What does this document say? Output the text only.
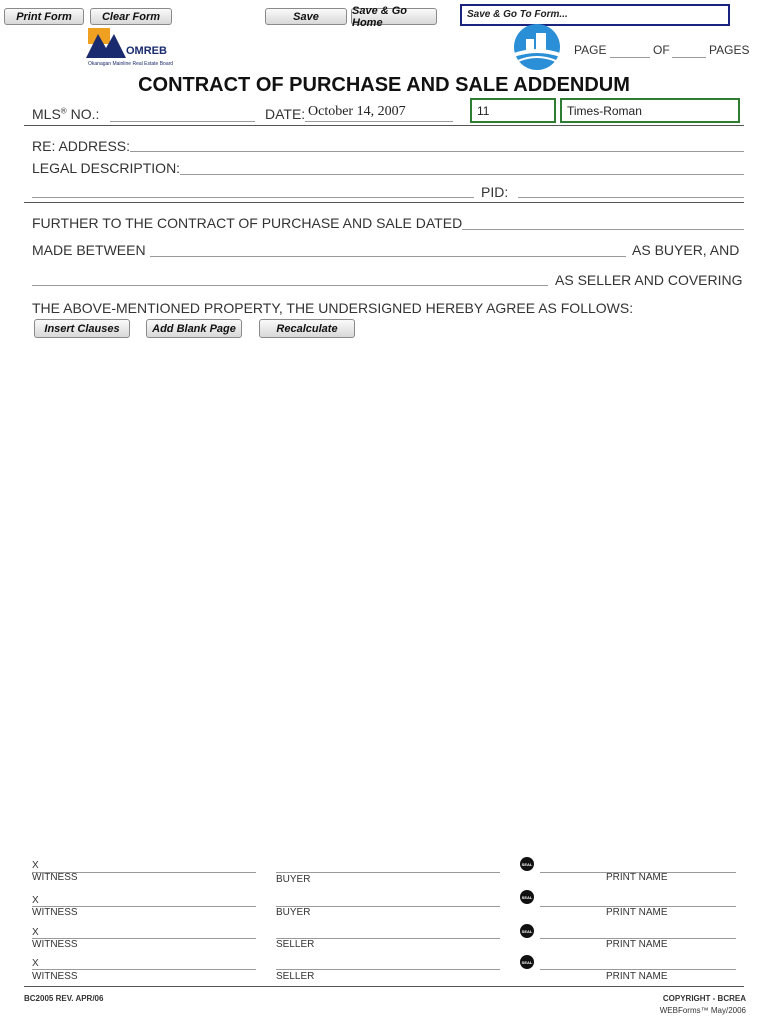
Print Form	Clear Form	Save	Save & Go Home
Save & Go To Form...
OMREB
Okanagan Mainline Real Estate Board
PAGE	OF	PAGES
CONTRACT OF PURCHASE AND SALE ADDENDUM
MLS® NO.:	DATE: October 14, 2007	11	Times-Roman
RE: ADDRESS:
LEGAL DESCRIPTION:
PID:
FURTHER TO THE CONTRACT OF PURCHASE AND SALE DATED
MADE BETWEEN	AS BUYER, AND
AS SELLER AND COVERING
THE ABOVE-MENTIONED PROPERTY, THE UNDERSIGNED HEREBY AGREE AS FOLLOWS:
Insert Clauses	Add Blank Page	Recalculate
X
WITNESS	BUYER
SEAL
PRINT NAME
X
WITNESS	BUYER
SEAL
PRINT NAME
X
WITNESS	SELLER
SEAL
PRINT NAME
X
WITNESS	SELLER
SEAL
PRINT NAME
BC2005 REV. APR/06	COPYRIGHT - BCREA
WEBForms™ May/2006
